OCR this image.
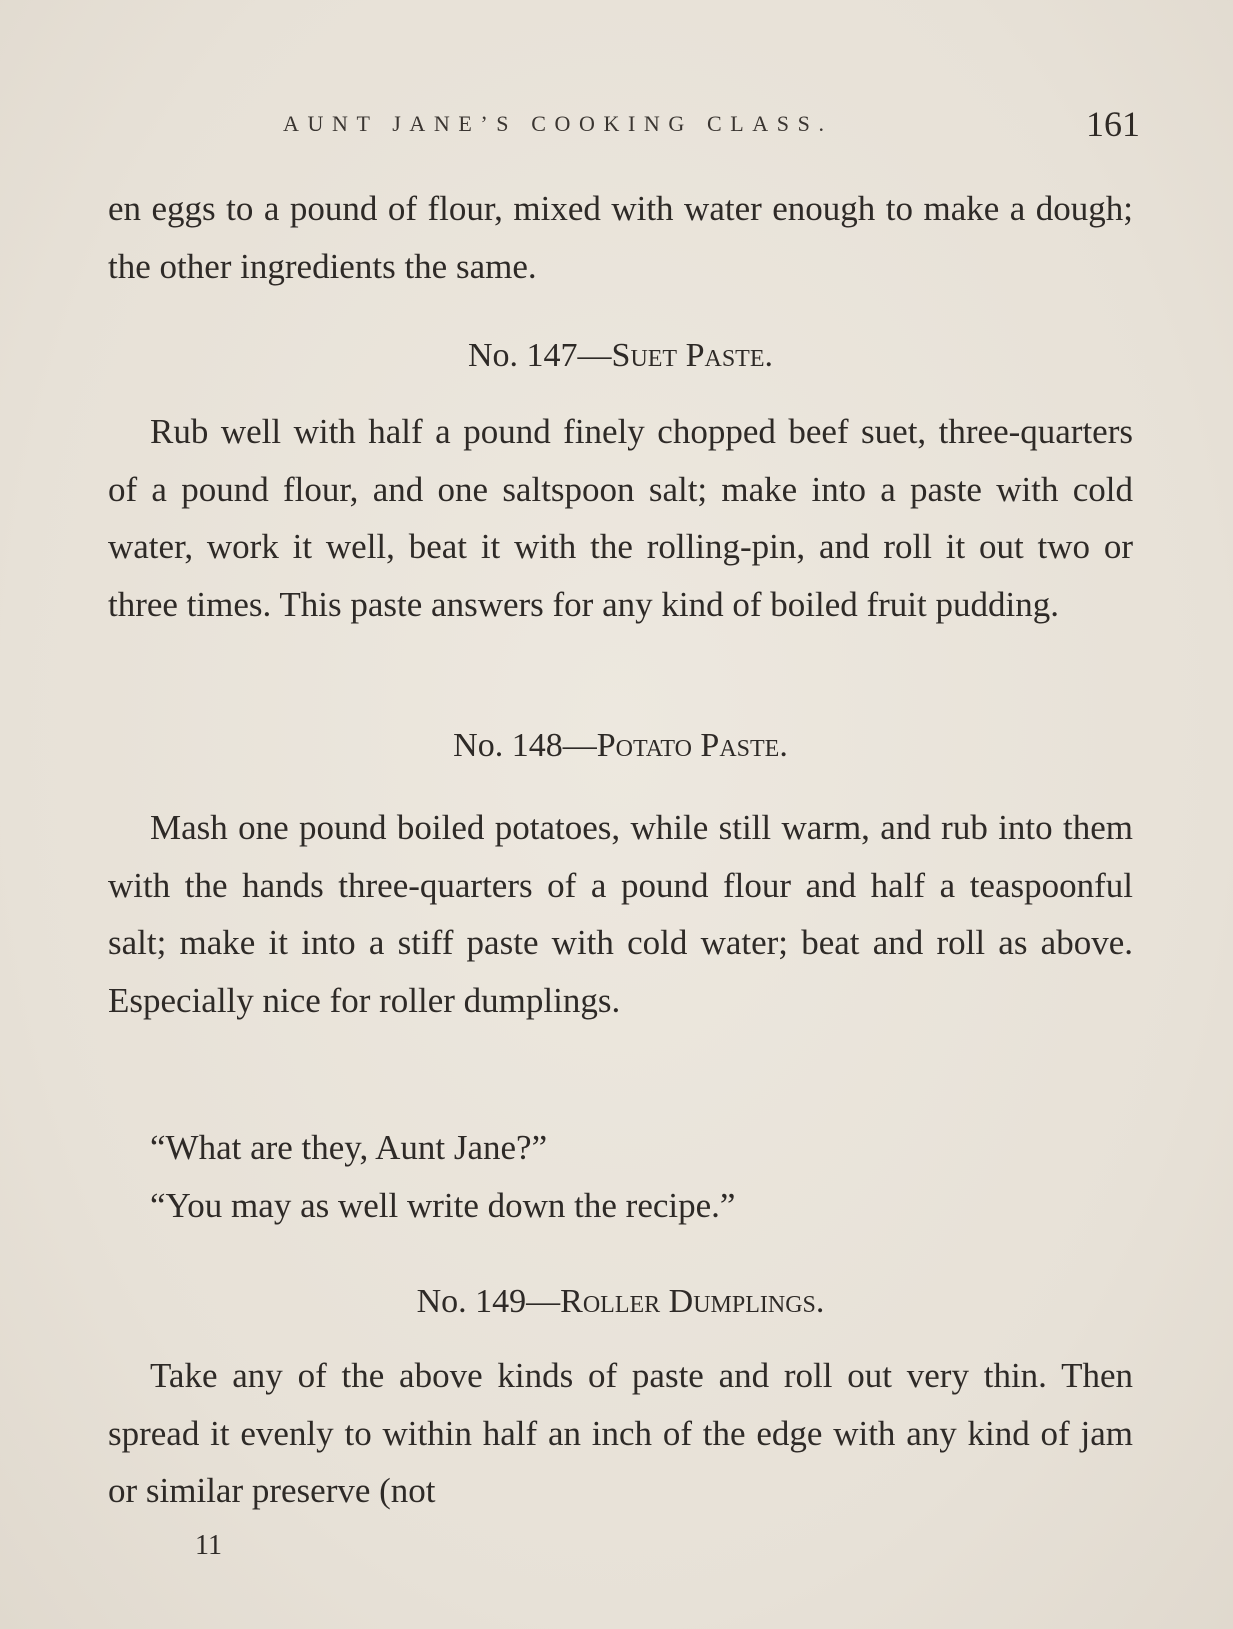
AUNT JANE’S COOKING CLASS.	161

en eggs to a pound of flour, mixed with water enough to make a dough; the other ingredients the same.

No. 147—Suet Paste.

Rub well with half a pound finely chopped beef suet, three-quarters of a pound flour, and one saltspoon salt; make into a paste with cold water, work it well, beat it with the rolling-pin, and roll it out two or three times. This paste answers for any kind of boiled fruit pudding.

No. 148—Potato Paste.

Mash one pound boiled potatoes, while still warm, and rub into them with the hands three-quarters of a pound flour and half a teaspoonful salt; make it into a stiff paste with cold water; beat and roll as above. Especially nice for roller dumplings.

“What are they, Aunt Jane?”

“You may as well write down the recipe.”

No. 149—Roller Dumplings.

Take any of the above kinds of paste and roll out very thin. Then spread it evenly to within half an inch of the edge with any kind of jam or similar preserve (not

11
